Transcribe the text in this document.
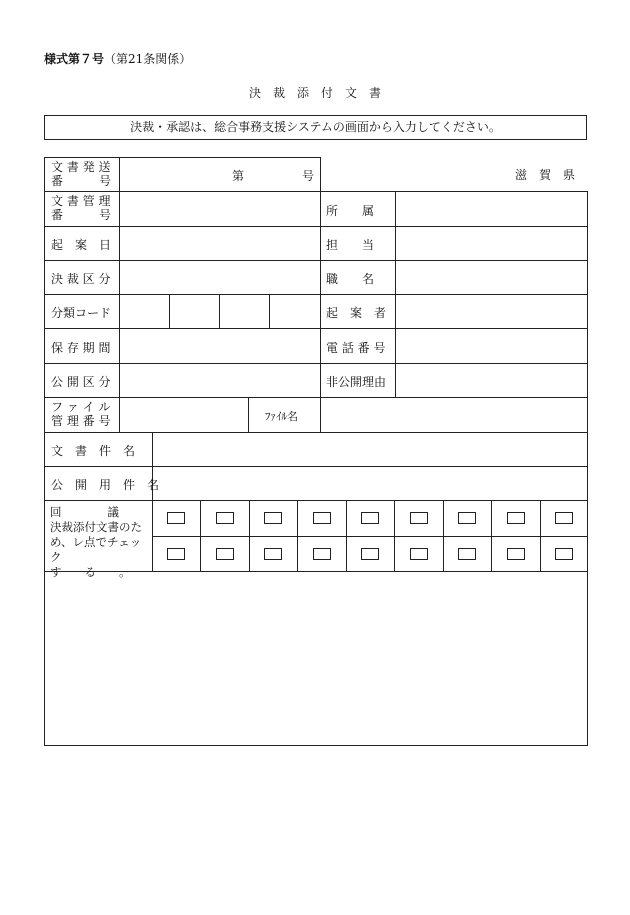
様式第７号（第21条関係）
決　裁　添　付　文　書
決裁・承認は、総合事務支援システムの画面から入力してください。
滋　賀　県
文 書 発 送
番　　　号	第	号
文 書 管 理
番　　　号	所　　属
起　案　日	担　　当
決 裁 区 分	職　　名
分類コード	起　案　者
保 存 期 間	電 話 番 号
公 開 区 分	非公開理由
フ ァ イ ル
管 理 番 号	ﾌｧｲﾙ名
文　書　件　名
公　開　用　件　名
回　　　　議
決裁添付文書のた
め、レ点でチェック
す　　る　　。
